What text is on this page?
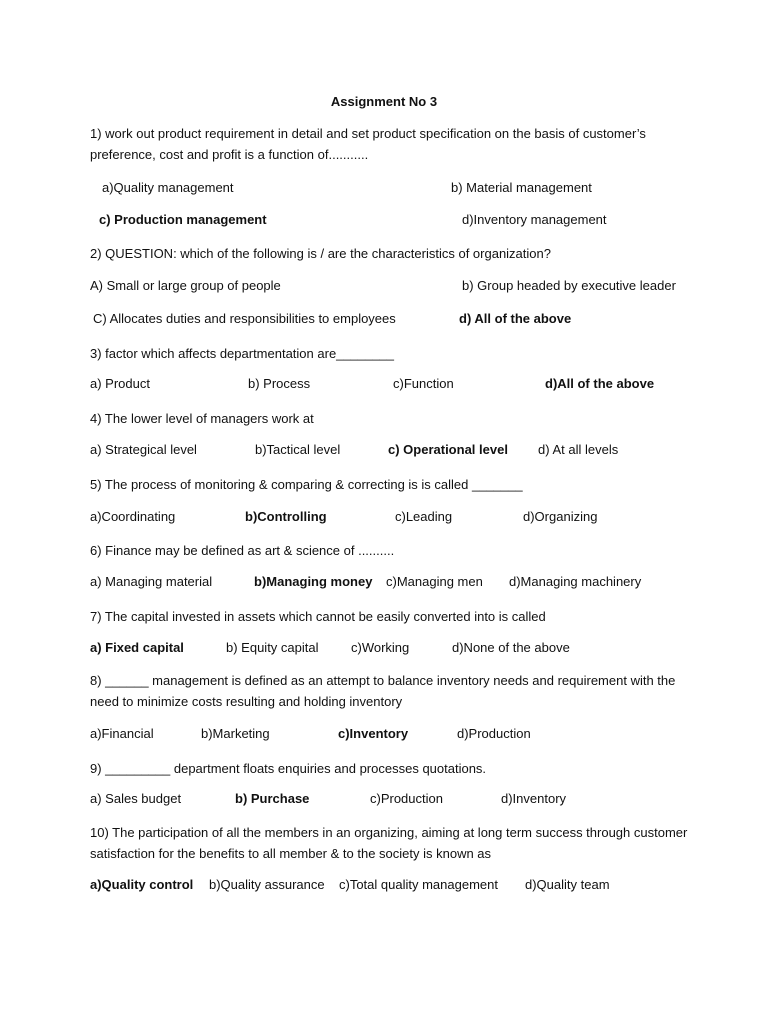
Assignment No 3
1) work out product requirement in detail and set product specification on the basis of customer’s preference, cost and profit is a function of...........
a)Quality management	b) Material management
c) Production management	d)Inventory management
2) QUESTION: which of the following is / are the characteristics of organization?
A) Small or large group of people	b) Group headed by executive leader
C) Allocates duties and responsibilities to employees	d) All of the above
3) factor which affects departmentation are________
a) Product	b) Process	c)Function	d)All of the above
4) The lower level of managers work at
a) Strategical level	b)Tactical level	c) Operational level d) At all levels
5) The process of monitoring & comparing & correcting is is called _______
a)Coordinating	b)Controlling	c)Leading	d)Organizing
6) Finance may be defined as art & science of ..........
a) Managing material	b)Managing money c)Managing men d)Managing machinery
7) The capital invested in assets which cannot be easily converted into is called
a) Fixed capital	b) Equity capital	c)Working	d)None of the above
8) ______ management is defined as an attempt to balance inventory needs and requirement with the need to minimize costs resulting and holding inventory
a)Financial	b)Marketing	c)Inventory	d)Production
9) _________ department floats enquiries and processes quotations.
a) Sales budget	b) Purchase	c)Production	d)Inventory
10) The participation of all the members in an organizing, aiming at long term success through customer satisfaction for the benefits to all member & to the society is known as
a)Quality control b)Quality assurance c)Total quality management d)Quality team
